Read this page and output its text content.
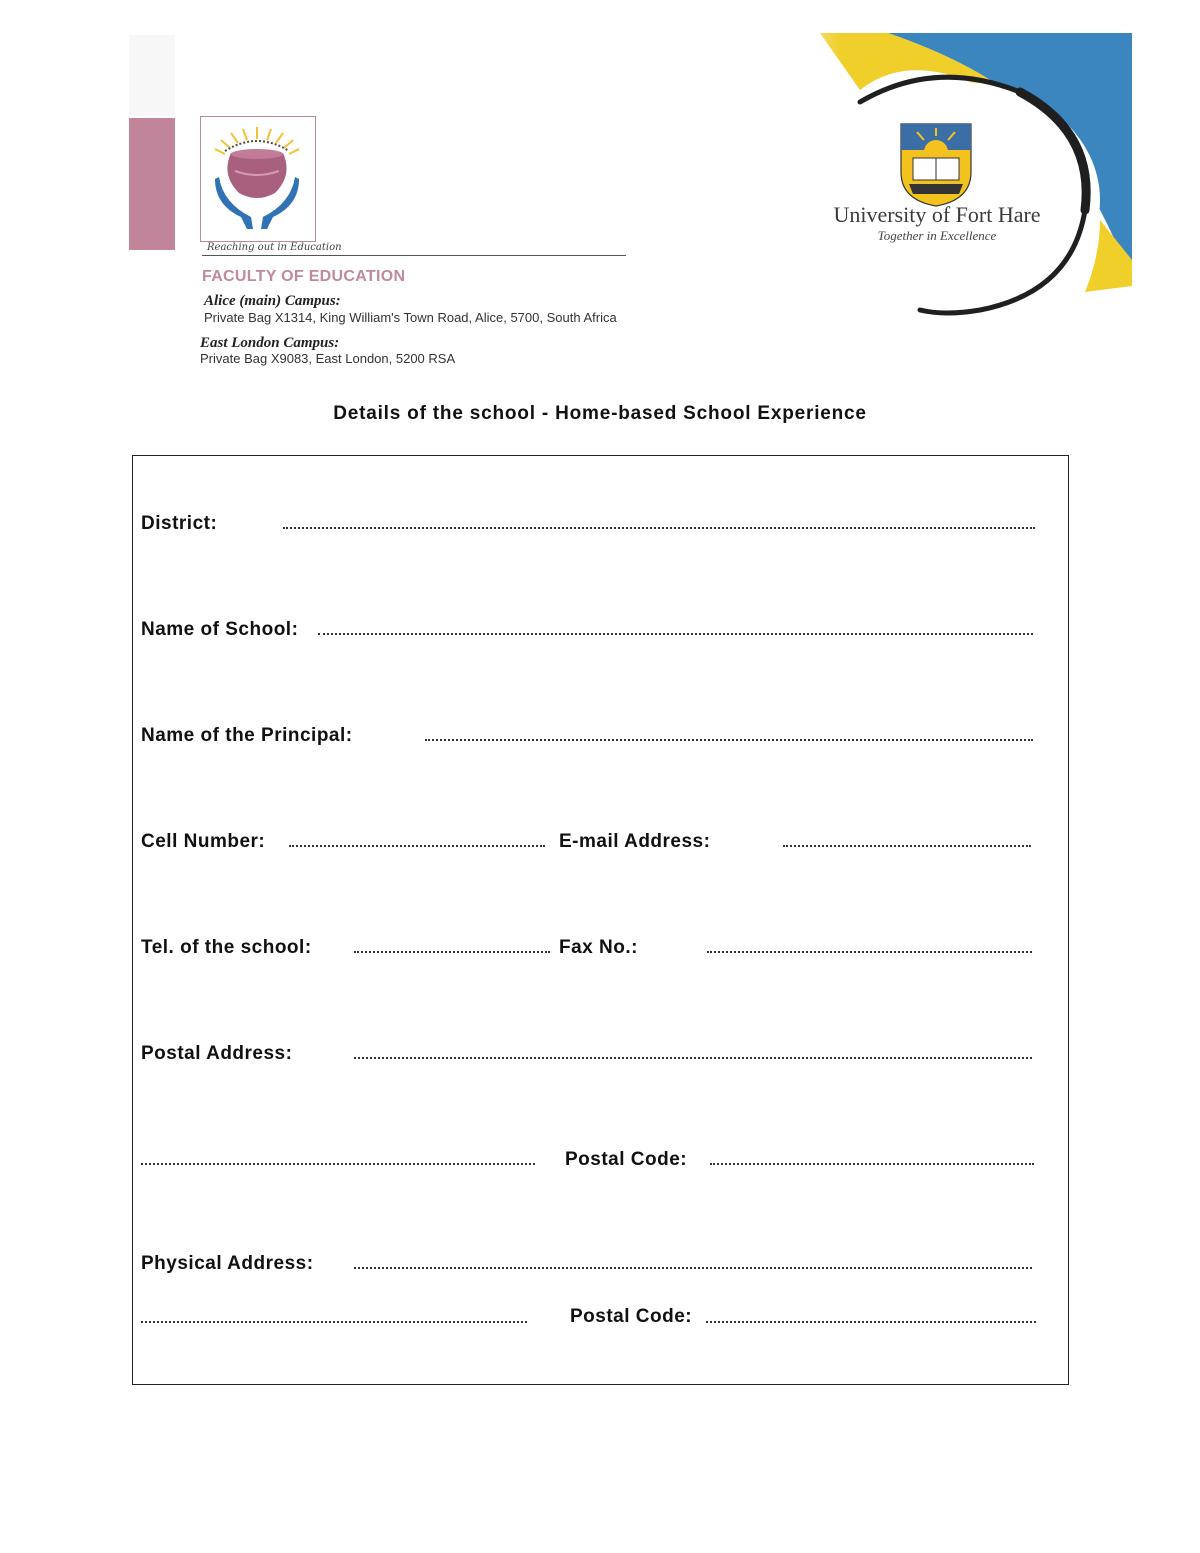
Reaching out in Education
FACULTY OF EDUCATION
Alice (main) Campus:
Private Bag X1314, King William's Town Road, Alice, 5700, South Africa
East London Campus:
Private Bag X9083, East London, 5200 RSA
University of Fort Hare
Together in Excellence
Details of the school - Home-based School Experience
District:
Name of School:
Name of the Principal:
Cell Number:	E-mail Address:
Tel. of the school:	Fax No.:
Postal Address:
Postal Code:
Physical Address:
Postal Code:
